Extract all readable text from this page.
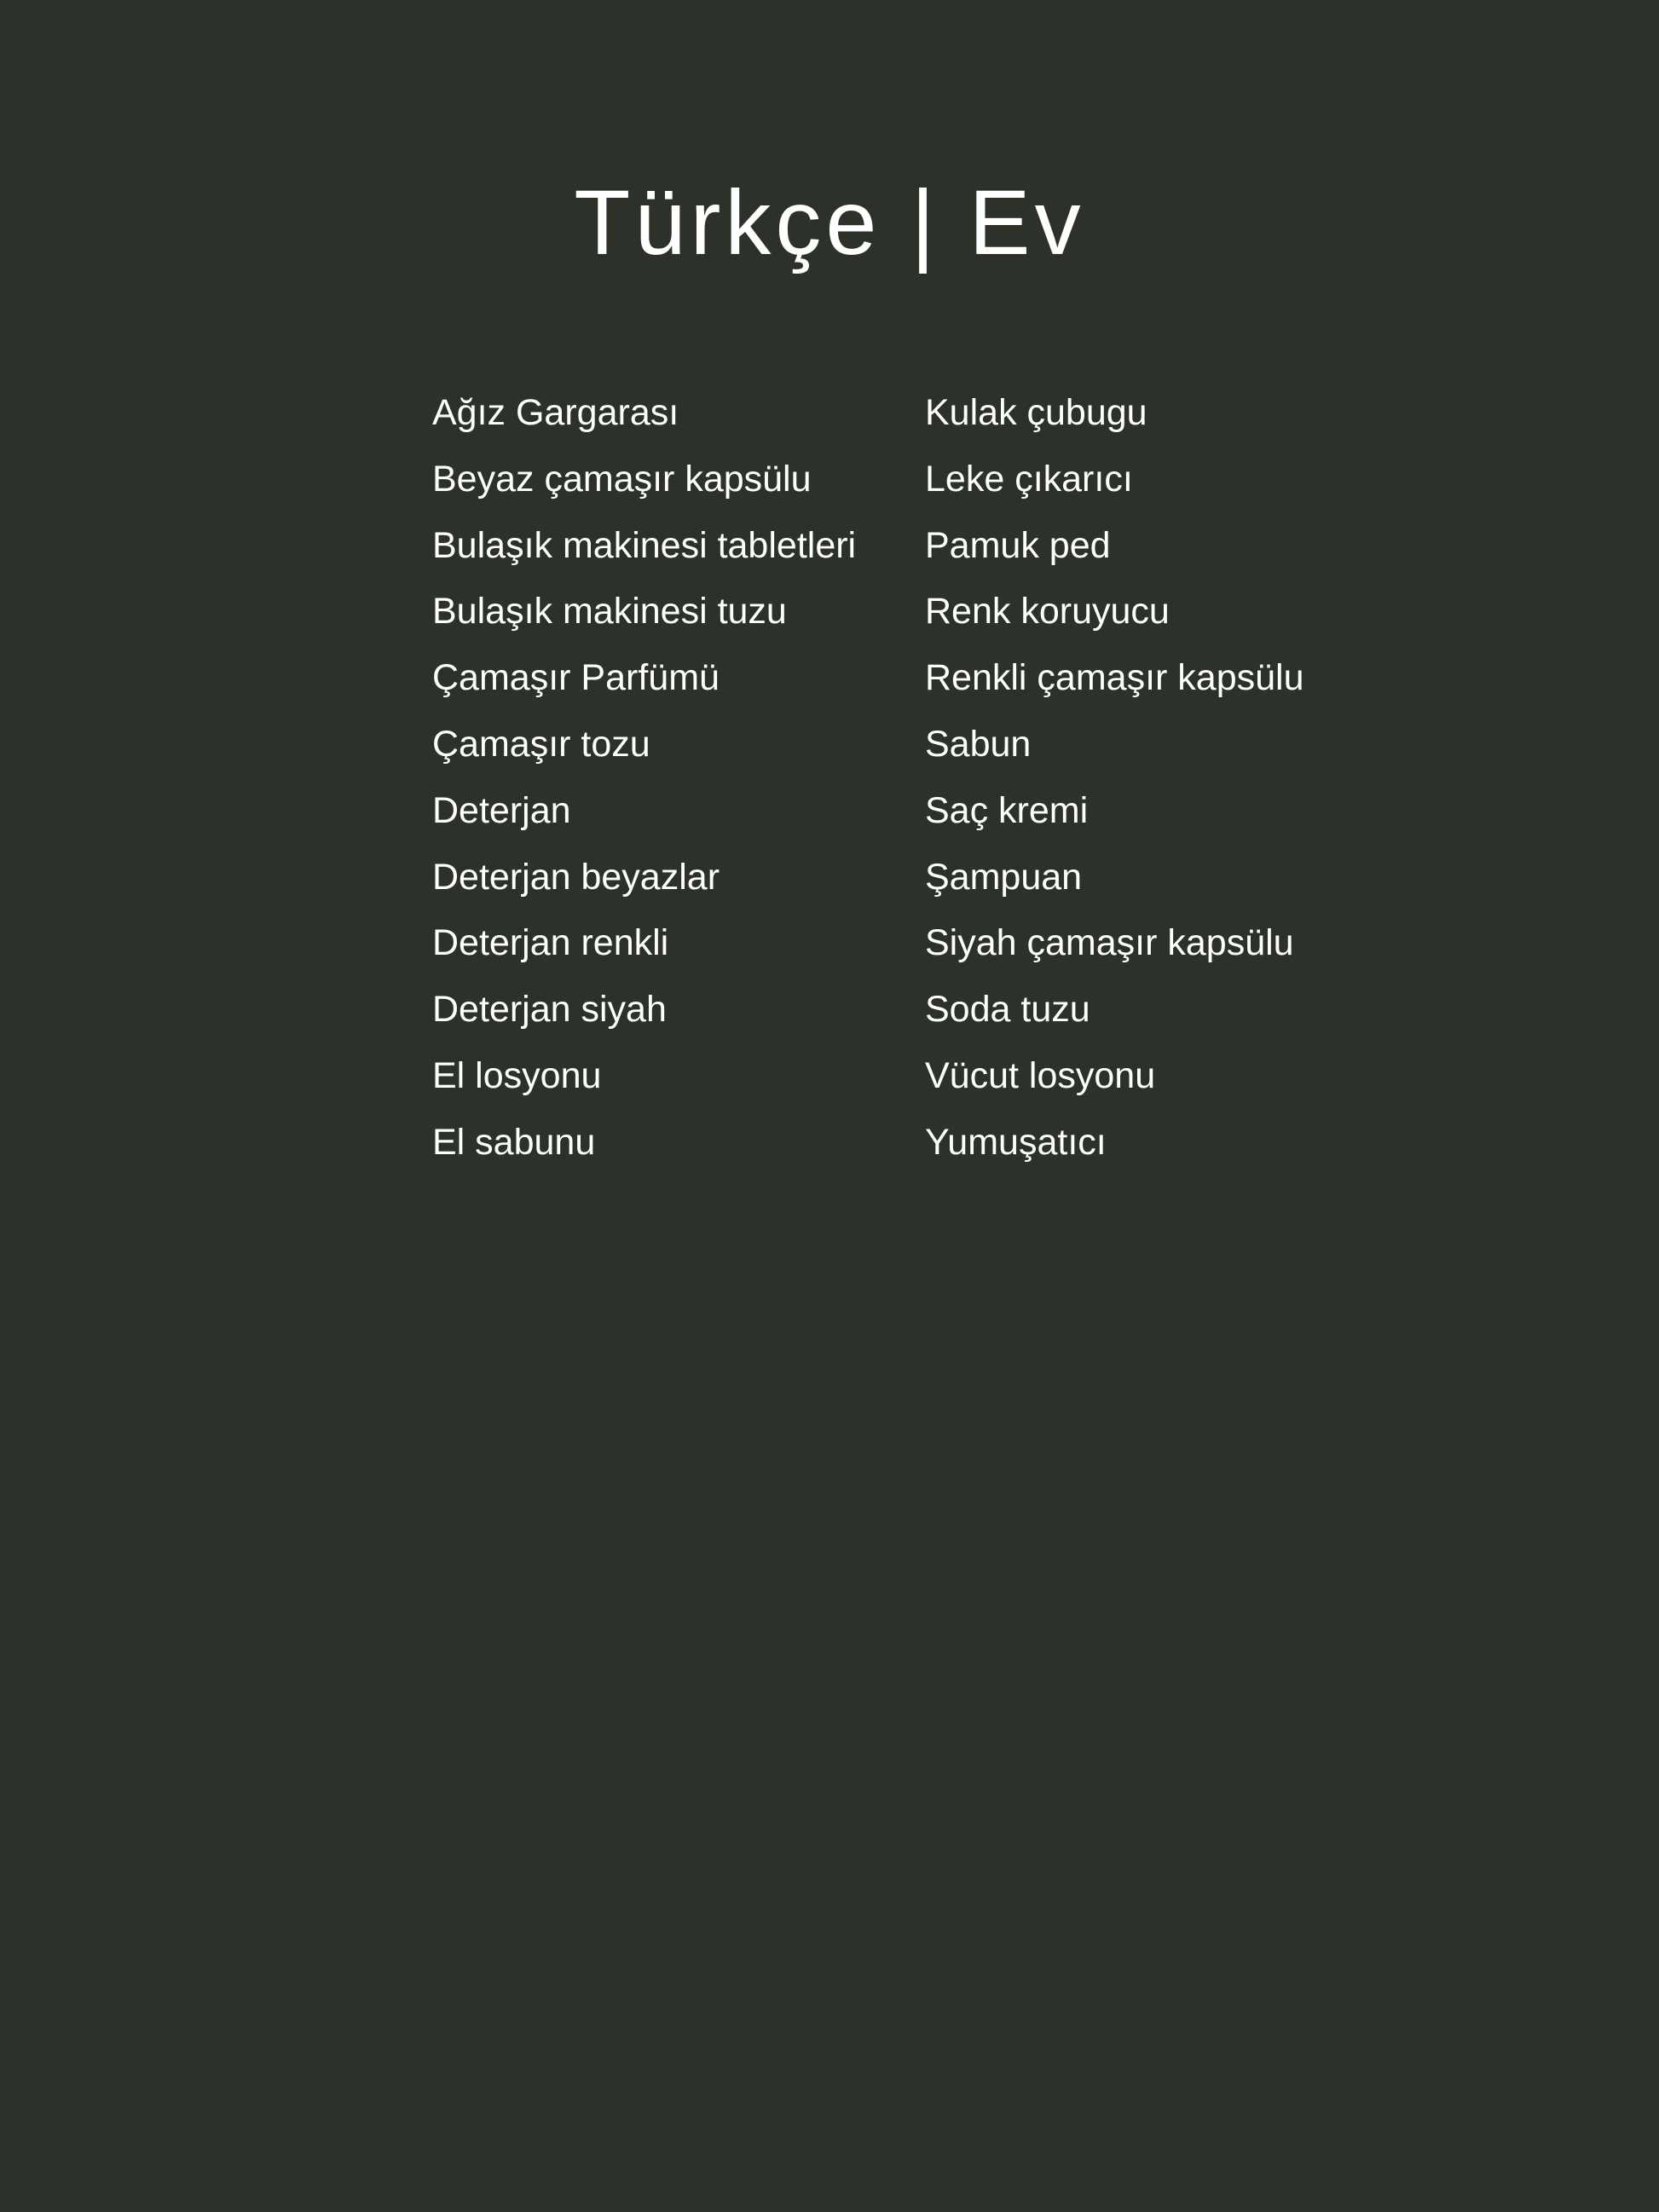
Türkçe | Ev
Ağız Gargarası
Beyaz çamaşır kapsülu
Bulaşık makinesi tabletleri
Bulaşık makinesi tuzu
Çamaşır Parfümü
Çamaşır tozu
Deterjan
Deterjan beyazlar
Deterjan renkli
Deterjan siyah
El losyonu
El sabunu
Kulak çubugu
Leke çıkarıcı
Pamuk ped
Renk koruyucu
Renkli çamaşır kapsülu
Sabun
Saç kremi
Şampuan
Siyah çamaşır kapsülu
Soda tuzu
Vücut losyonu
Yumuşatıcı
